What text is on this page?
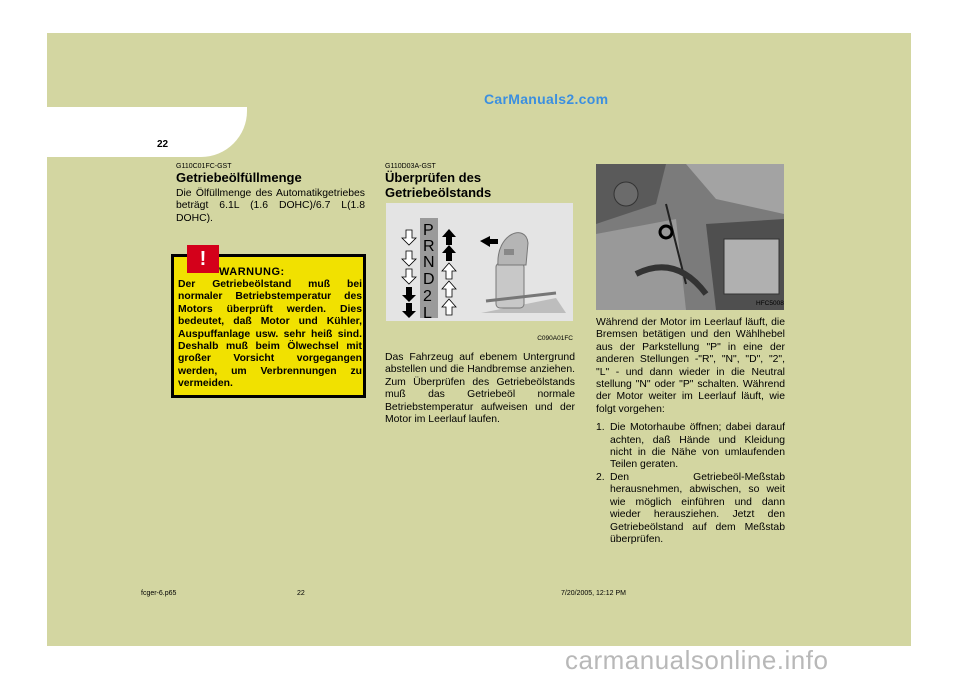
CarManuals2.com
6 SELBSTHILFE
22
G110C01FC-GST
Getriebeölfüllmenge
Die Ölfüllmenge des Automatikgetriebes beträgt 6.1L (1.6 DOHC)/6.7 L(1.8 DOHC).
!
WARNUNG:
Der Getriebeölstand muß bei normaler Betriebstemperatur des Motors überprüft werden. Dies bedeutet, daß Motor und Kühler, Auspuffanlage usw. sehr heiß sind. Deshalb muß beim Ölwechsel mit großer Vorsicht vorgegangen werden, um Verbrennungen zu vermeiden.
G110D03A-GST
Überprüfen des
Getriebeölstands
P
R
N
D
2
L
C090A01FC
Das Fahrzeug auf ebenem Untergrund abstellen und die Handbremse anziehen. Zum Überprüfen des Getriebeölstands muß das Getriebeöl normale Betriebstemperatur aufweisen und der Motor im Leerlauf laufen.
HFC5008
Während der Motor im Leerlauf läuft, die Bremsen betätigen und den Wählhebel aus der Parkstellung "P" in eine der anderen Stellungen -"R", "N", "D", "2", "L" - und dann wieder in die Neutral stellung "N" oder "P" schalten. Während der Motor weiter im Leerlauf läuft, wie folgt vorgehen:
1. Die Motorhaube öffnen; dabei darauf achten, daß Hände und Kleidung nicht in die Nähe von umlaufenden Teilen geraten.
2. Den Getriebeöl-Meßstab herausnehmen, abwischen, so weit wie möglich einführen und dann wieder herausziehen. Jetzt den Getriebeölstand auf dem Meßstab überprüfen.
fcger-6.p65	22	7/20/2005, 12:12 PM
carmanualsonline.info
